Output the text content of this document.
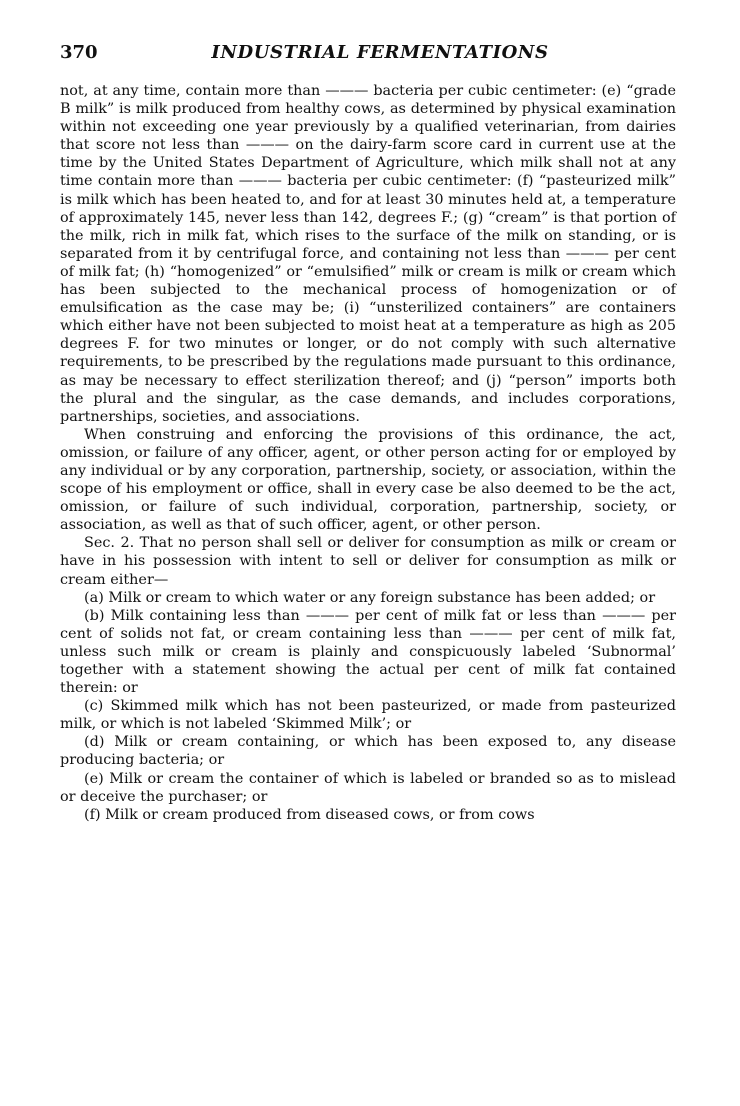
370	INDUSTRIAL FERMENTATIONS

not, at any time, contain more than ——— bacteria per cubic centimeter: (e) “grade B milk” is milk produced from healthy cows, as determined by physical examination within not exceeding one year previously by a qualified veterinarian, from dairies that score not less than ——— on the dairy-farm score card in current use at the time by the United States Department of Agriculture, which milk shall not at any time contain more than ——— bacteria per cubic centimeter: (f) “pasteurized milk” is milk which has been heated to, and for at least 30 minutes held at, a temperature of approximately 145, never less than 142, degrees F.; (g) “cream” is that portion of the milk, rich in milk fat, which rises to the surface of the milk on standing, or is separated from it by centrifugal force, and containing not less than ——— per cent of milk fat; (h) “homogenized” or “emulsified” milk or cream is milk or cream which has been subjected to the mechanical process of homogenization or of emulsification as the case may be; (i) “unsterilized containers” are containers which either have not been subjected to moist heat at a temperature as high as 205 degrees F. for two minutes or longer, or do not comply with such alternative requirements, to be prescribed by the regulations made pursuant to this ordinance, as may be necessary to effect sterilization thereof; and (j) “person” imports both the plural and the singular, as the case demands, and includes corporations, partnerships, societies, and associations.

When construing and enforcing the provisions of this ordinance, the act, omission, or failure of any officer, agent, or other person acting for or employed by any individual or by any corporation, partnership, society, or association, within the scope of his employment or office, shall in every case be also deemed to be the act, omission, or failure of such individual, corporation, partnership, society, or association, as well as that of such officer, agent, or other person.

Sec. 2. That no person shall sell or deliver for consumption as milk or cream or have in his possession with intent to sell or deliver for consumption as milk or cream either—

(a) Milk or cream to which water or any foreign substance has been added; or

(b) Milk containing less than ——— per cent of milk fat or less than ——— per cent of solids not fat, or cream containing less than ——— per cent of milk fat, unless such milk or cream is plainly and conspicuously labeled ‘Subnormal’ together with a statement showing the actual per cent of milk fat contained therein: or

(c) Skimmed milk which has not been pasteurized, or made from pasteurized milk, or which is not labeled ‘Skimmed Milk’; or

(d) Milk or cream containing, or which has been exposed to, any disease producing bacteria; or

(e) Milk or cream the container of which is labeled or branded so as to mislead or deceive the purchaser; or

(f) Milk or cream produced from diseased cows, or from cows
